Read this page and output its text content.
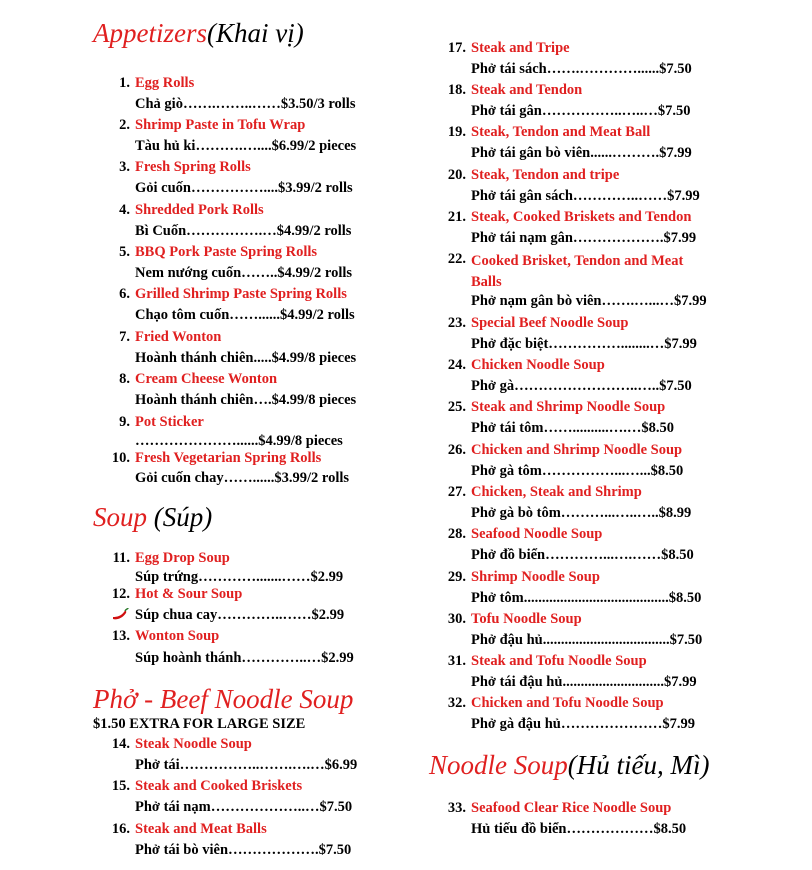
Appetizers(Khai vị)
1. Egg Rolls
Chả giò…….……..……$3.50/3 rolls
2. Shrimp Paste in Tofu Wrap
Tàu hủ ki……….…....$6.99/2 pieces
3. Fresh Spring Rolls
Gỏi cuốn……………....$3.99/2 rolls
4. Shredded Pork Rolls
Bì Cuốn…………….…$4.99/2 rolls
5. BBQ Pork Paste Spring Rolls
Nem nướng cuốn……..$4.99/2 rolls
6. Grilled Shrimp Paste Spring Rolls
Chạo tôm cuốn……......$4.99/2 rolls
7. Fried Wonton
Hoành thánh chiên.....$4.99/8 pieces
8. Cream Cheese Wonton
Hoành thánh chiên….$4.99/8 pieces
9. Pot Sticker
…………………......$4.99/8 pieces
10. Fresh Vegetarian Spring Rolls
Gỏi cuốn chay……......$3.99/2 rolls
Soup (Súp)
11. Egg Drop Soup
Súp trứng………….......……$2.99
12. Hot & Sour Soup
Súp chua cay…………..……$2.99
13. Wonton Soup
Súp hoành thánh…………..…$2.99
Phở - Beef Noodle Soup
$1.50 EXTRA FOR LARGE SIZE
14. Steak Noodle Soup
Phở tái……………..…….….…$6.99
15. Steak and Cooked Briskets
Phở tái nạm………………..…$7.50
16. Steak and Meat Balls
Phở tái bò viên……………….$7.50
17. Steak and Tripe
Phở tái sách…….…………......$7.50
18. Steak and Tendon
Phở tái gân……………..…..…$7.50
19. Steak, Tendon and Meat Ball
Phở tái gân bò viên......……….$7.99
20. Steak, Tendon and tripe
Phở tái gân sách…………..……$7.99
21. Steak, Cooked Briskets and Tendon
Phở tái nạm gân……………….$7.99
22. Cooked Brisket, Tendon and Meat Balls
Phở nạm gân bò viên…….…...…$7.99
23. Special Beef Noodle Soup
Phở đặc biệt……………........…$7.99
24. Chicken Noodle Soup
Phở gà……………………..…..$7.50
25. Steak and Shrimp Noodle Soup
Phở tái tôm……..........….…$8.50
26. Chicken and Shrimp Noodle Soup
Phở gà tôm……………...…...$8.50
27. Chicken, Steak and Shrimp
Phở gà bò tôm………...…..…..$8.99
28. Seafood Noodle Soup
Phở đồ biển…………...….……$8.50
29. Shrimp Noodle Soup
Phở tôm........................................$8.50
30. Tofu Noodle Soup
Phở đậu hủ...................................$7.50
31. Steak and Tofu Noodle Soup
Phở tái đậu hủ............................$7.99
32. Chicken and Tofu Noodle Soup
Phở gà đậu hủ…………………$7.99
Noodle Soup(Hủ tiếu, Mì)
33. Seafood Clear Rice Noodle Soup
Hủ tiếu đồ biển………………$8.50
